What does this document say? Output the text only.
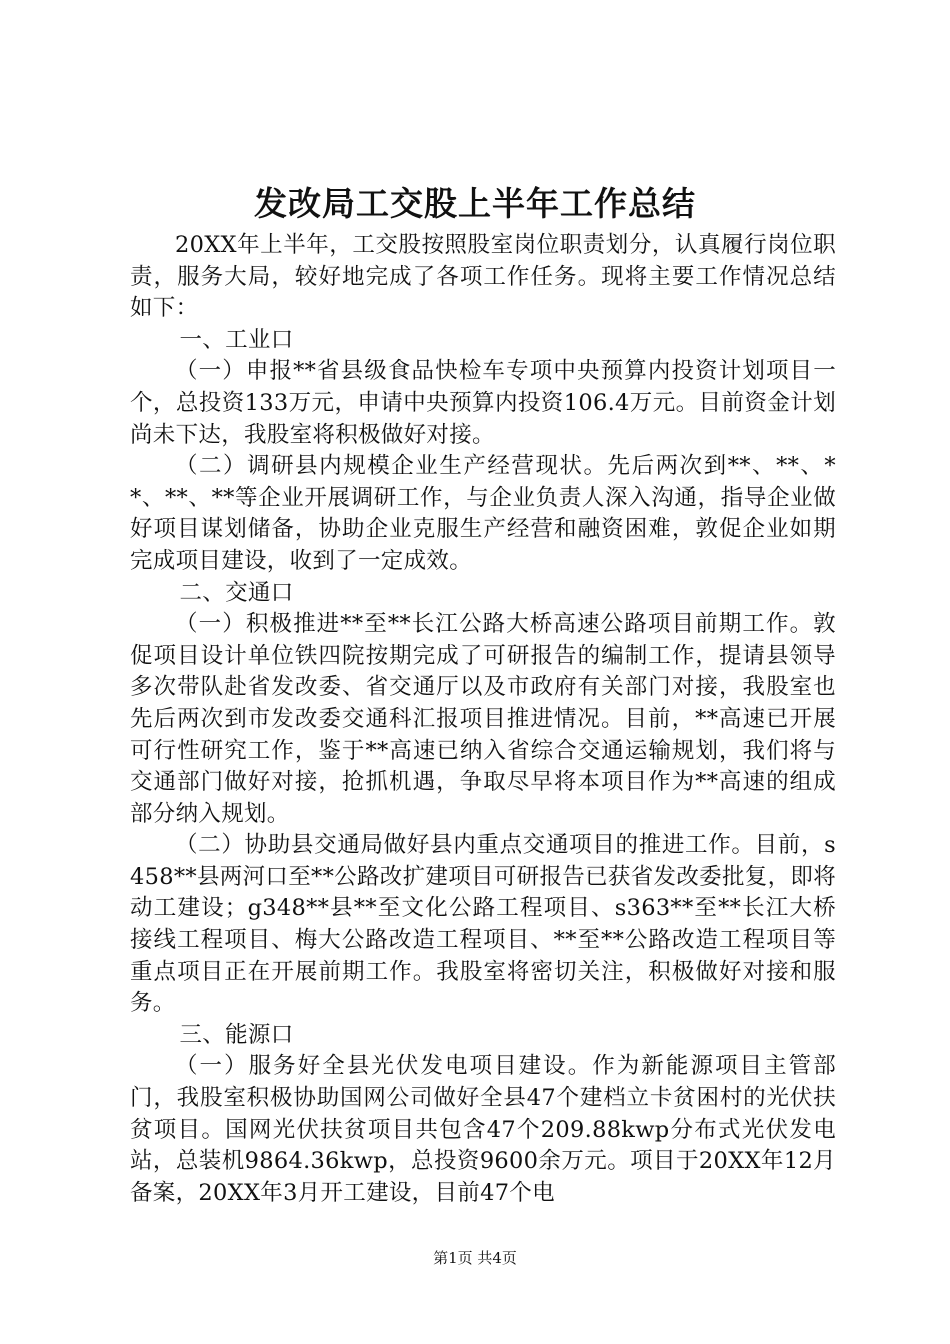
发改局工交股上半年工作总结

20XX年上半年，工交股按照股室岗位职责划分，认真履行岗位职责，服务大局，较好地完成了各项工作任务。现将主要工作情况总结如下：

一、工业口

（一）申报**省县级食品快检车专项中央预算内投资计划项目一个，总投资133万元，申请中央预算内投资106.4万元。目前资金计划尚未下达，我股室将积极做好对接。

（二）调研县内规模企业生产经营现状。先后两次到**、**、**、**、**等企业开展调研工作，与企业负责人深入沟通，指导企业做好项目谋划储备，协助企业克服生产经营和融资困难，敦促企业如期完成项目建设，收到了一定成效。

二、交通口

（一）积极推进**至**长江公路大桥高速公路项目前期工作。敦促项目设计单位铁四院按期完成了可研报告的编制工作，提请县领导多次带队赴省发改委、省交通厅以及市政府有关部门对接，我股室也先后两次到市发改委交通科汇报项目推进情况。目前，**高速已开展可行性研究工作，鉴于**高速已纳入省综合交通运输规划，我们将与交通部门做好对接，抢抓机遇，争取尽早将本项目作为**高速的组成部分纳入规划。

（二）协助县交通局做好县内重点交通项目的推进工作。目前，s458**县两河口至**公路改扩建项目可研报告已获省发改委批复，即将动工建设；g348**县**至文化公路工程项目、s363**至**长江大桥接线工程项目、梅大公路改造工程项目、**至**公路改造工程项目等重点项目正在开展前期工作。我股室将密切关注，积极做好对接和服务。

三、能源口

（一）服务好全县光伏发电项目建设。作为新能源项目主管部门，我股室积极协助国网公司做好全县47个建档立卡贫困村的光伏扶贫项目。国网光伏扶贫项目共包含47个209.88kwp分布式光伏发电站，总装机9864.36kwp，总投资9600余万元。项目于20XX年12月备案，20XX年3月开工建设，目前47个电

第1页 共4页
